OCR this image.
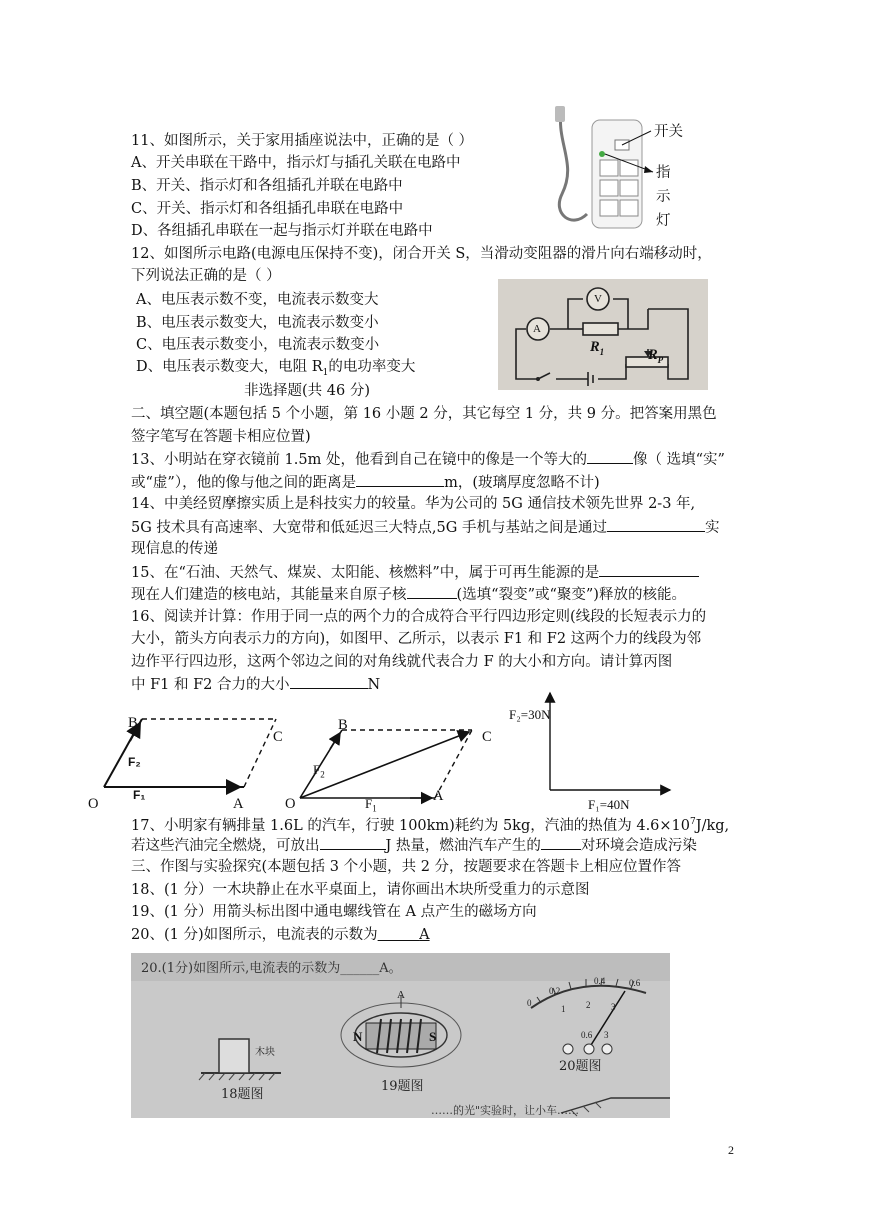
11、如图所示，关于家用插座说法中，正确的是（ ）
A、开关串联在干路中，指示灯与插孔关联在电路中
B、开关、指示灯和各组插孔并联在电路中
C、开关、指示灯和各组插孔串联在电路中
D、各组插孔串联在一起与指示灯并联在电路中
开关
指
示
灯
12、如图所示电路(电源电压保持不变)，闭合开关 S，当滑动变阻器的滑片向右端移动时，
下列说法正确的是（ ）
A、电压表示数不变，电流表示数变大
B、电压表示数变大，电流表示数变小
C、电压表示数变小，电流表示数变小
D、电压表示数变大，电阻 $R_1$的电功率变大
A
V
$R_1$	$R_P$
非选择题(共 46 分)
二、填空题(本题包括 5 个小题，第 16 小题 2 分，其它每空 1 分，共 9 分。把答案用黑色
签字笔写在答题卡相应位置)
13、小明站在穿衣镜前 1.5m 处，他看到自己在镜中的像是一个等大的	像（ 选填“实”
或“虚”），他的像与他之间的距离是	m，(玻璃厚度忽略不计)
14、中美经贸摩擦实质上是科技实力的较量。华为公司的 5G 通信技术领先世界 2-3 年,
5G 技术具有高速率、大宽带和低延迟三大特点,5G 手机与基站之间是通过	实
现信息的传递
15、在“石油、天然气、煤炭、太阳能、核燃料”中，属于可再生能源的是
现在人们建造的核电站，其能量来自原子核	(选填“裂变”或“聚变”)释放的核能。
16、阅读并计算：作用于同一点的两个力的合成符合平行四边形定则(线段的长短表示力的
大小，箭头方向表示力的方向)，如图甲、乙所示，以表示 F1 和 F2 这两个力的线段为邻
边作平行四边形，这两个邻边之间的对角线就代表合力 F 的大小和方向。请计算丙图
中 F1 和 F2 合力的大小	N
B
C
O	A
F₂
F₁
B
C
O	A
$F_2$
$F_1$
F₂=30N
F₁=40N
17、小明家有辆排量 1.6L 的汽车，行驶 100km)耗约为 5kg，汽油的热值为 $4.6\times 10^7J/kg$,
若这些汽油完全燃烧，可放出	J 热量，燃油汽车产生的	对环境会造成污染
三、作图与实验探究(本题包括 3 个小题，共 2 分，按题要求在答题卡上相应位置作答
18、(1 分）一木块静止在水平桌面上，请你画出木块所受重力的示意图
19、(1 分）用箭头标出图中通电螺线管在 A 点产生的磁场方向
20、(1 分)如图所示，电流表的示数为	A
20.(1分)如图所示,电流表的示数为______A。
木块
18题图
N	S
A
19题图
0
0.2
0.4	0.6
1 2 3
0.6 3
20题图
……的光"实验时，让小车……
2
